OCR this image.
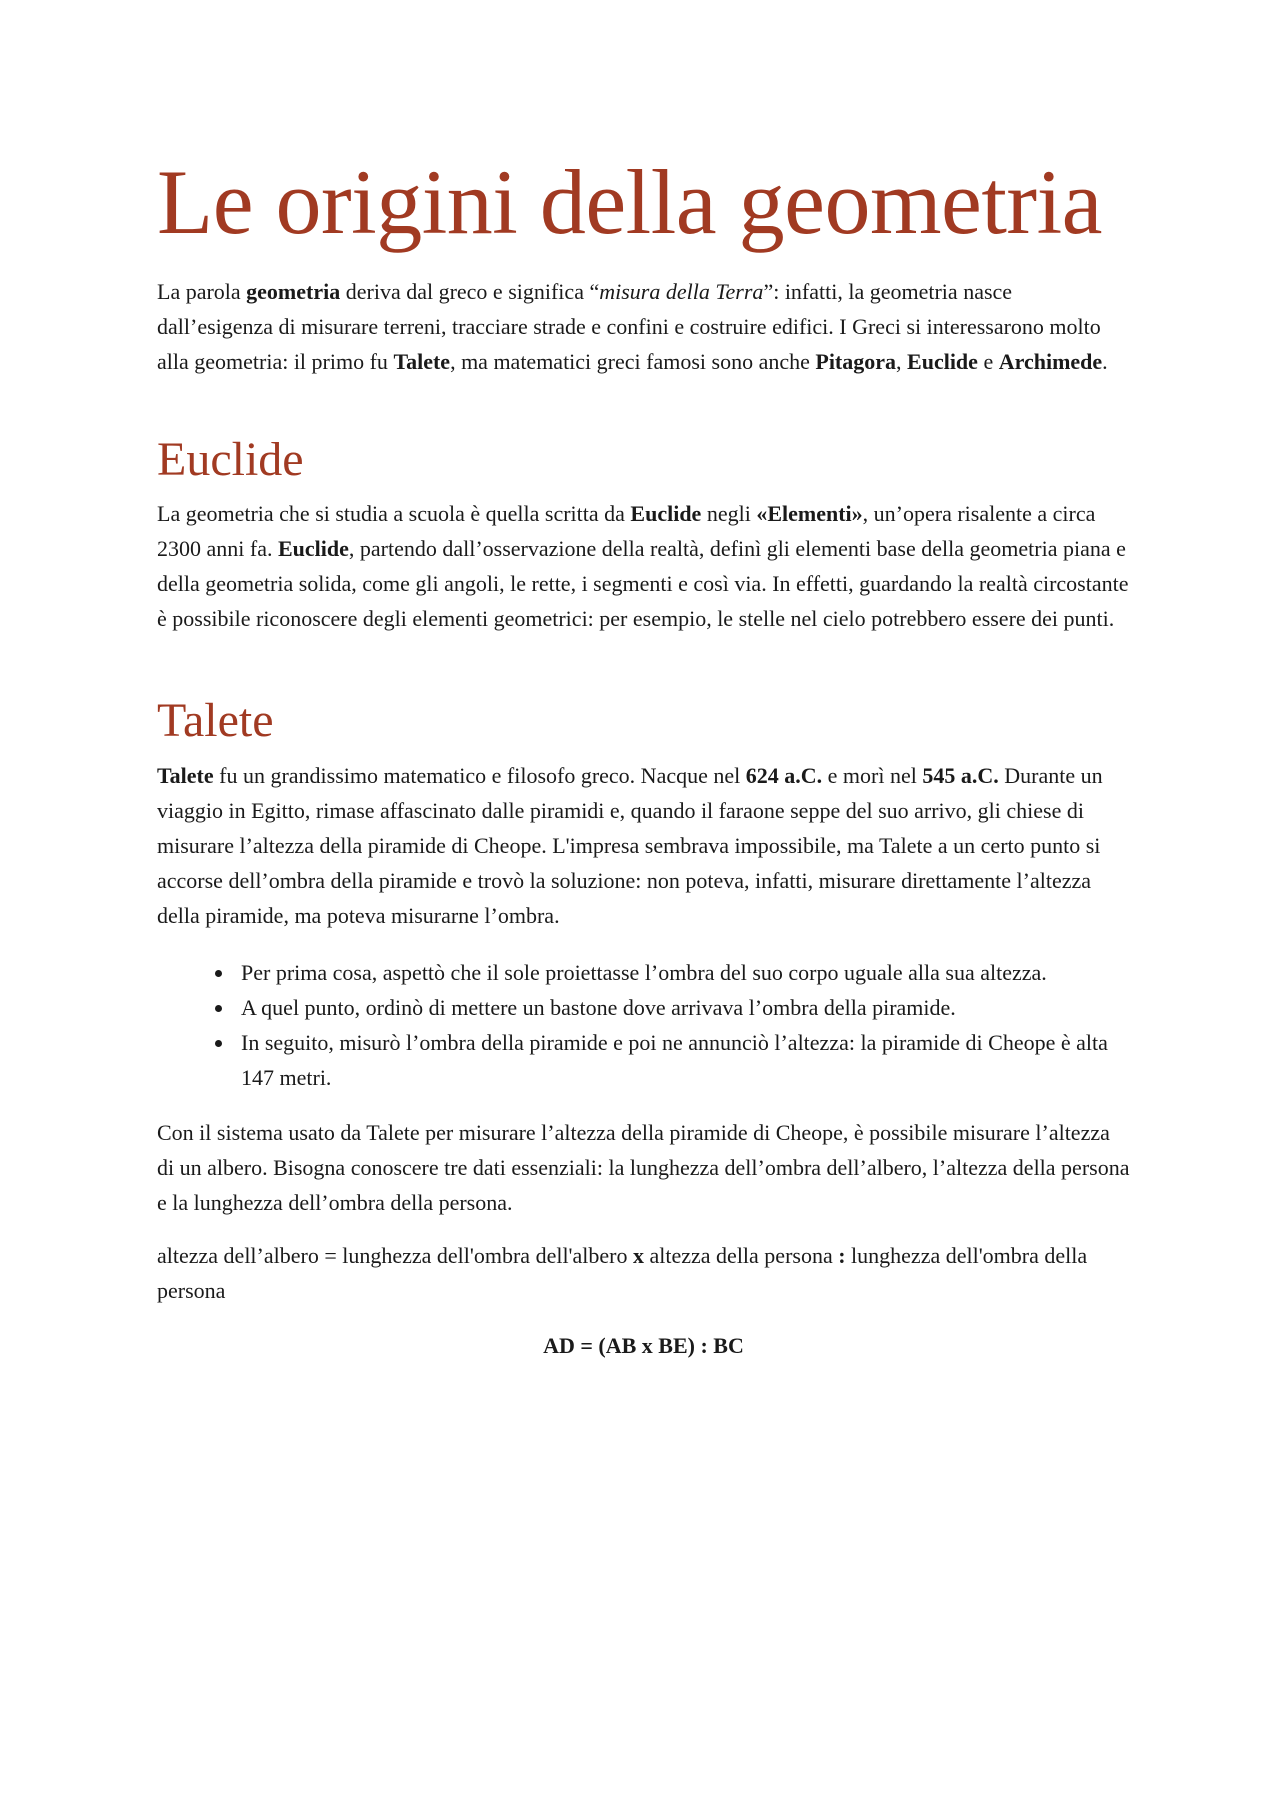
Le origini della geometria

La parola geometria deriva dal greco e significa “misura della Terra”: infatti, la geometria nasce dall’esigenza di misurare terreni, tracciare strade e confini e costruire edifici. I Greci si interessarono molto alla geometria: il primo fu Talete, ma matematici greci famosi sono anche Pitagora, Euclide e Archimede.

Euclide

La geometria che si studia a scuola è quella scritta da Euclide negli «Elementi», un’opera risalente a circa 2300 anni fa. Euclide, partendo dall’osservazione della realtà, definì gli elementi base della geometria piana e della geometria solida, come gli angoli, le rette, i segmenti e così via. In effetti, guardando la realtà circostante è possibile riconoscere degli elementi geometrici: per esempio, le stelle nel cielo potrebbero essere dei punti.

Talete

Talete fu un grandissimo matematico e filosofo greco. Nacque nel 624 a.C. e morì nel 545 a.C. Durante un viaggio in Egitto, rimase affascinato dalle piramidi e, quando il faraone seppe del suo arrivo, gli chiese di misurare l’altezza della piramide di Cheope. L'impresa sembrava impossibile, ma Talete a un certo punto si accorse dell’ombra della piramide e trovò la soluzione: non poteva, infatti, misurare direttamente l’altezza della piramide, ma poteva misurarne l’ombra.

• Per prima cosa, aspettò che il sole proiettasse l’ombra del suo corpo uguale alla sua altezza.
• A quel punto, ordinò di mettere un bastone dove arrivava l’ombra della piramide.
• In seguito, misurò l’ombra della piramide e poi ne annunciò l’altezza: la piramide di Cheope è alta 147 metri.

Con il sistema usato da Talete per misurare l’altezza della piramide di Cheope, è possibile misurare l’altezza di un albero. Bisogna conoscere tre dati essenziali: la lunghezza dell’ombra dell’albero, l’altezza della persona e la lunghezza dell’ombra della persona.

altezza dell’albero = lunghezza dell'ombra dell'albero x altezza della persona : lunghezza dell'ombra della persona

AD = (AB x BE) : BC
